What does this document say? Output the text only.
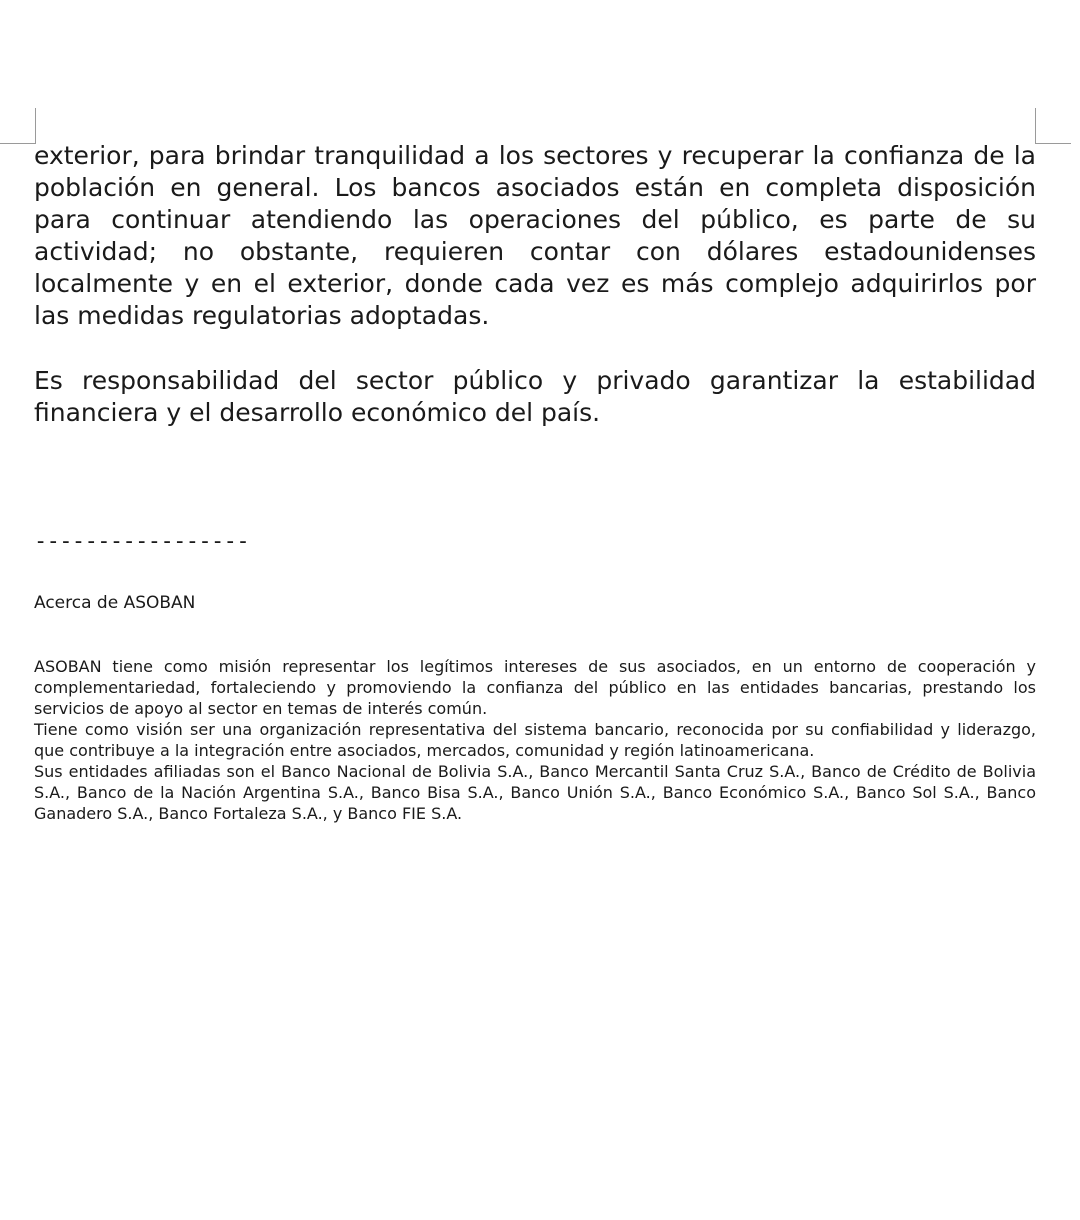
exterior, para brindar tranquilidad a los sectores y recuperar la confianza de la población en general. Los bancos asociados están en completa disposición para continuar atendiendo las operaciones del público, es parte de su actividad; no obstante, requieren contar con dólares estadounidenses localmente y en el exterior, donde cada vez es más complejo adquirirlos por las medidas regulatorias adoptadas.

Es responsabilidad del sector público y privado garantizar la estabilidad financiera y el desarrollo económico del país.

-----------------
Acerca de ASOBAN

ASOBAN tiene como misión representar los legítimos intereses de sus asociados, en un entorno de cooperación y complementariedad, fortaleciendo y promoviendo la confianza del público en las entidades bancarias, prestando los servicios de apoyo al sector en temas de interés común.

Tiene como visión ser una organización representativa del sistema bancario, reconocida por su confiabilidad y liderazgo, que contribuye a la integración entre asociados, mercados, comunidad y región latinoamericana.

Sus entidades afiliadas son el Banco Nacional de Bolivia S.A., Banco Mercantil Santa Cruz S.A., Banco de Crédito de Bolivia S.A., Banco de la Nación Argentina S.A., Banco Bisa S.A., Banco Unión S.A., Banco Económico S.A., Banco Sol S.A., Banco Ganadero S.A., Banco Fortaleza S.A., y Banco FIE S.A.
